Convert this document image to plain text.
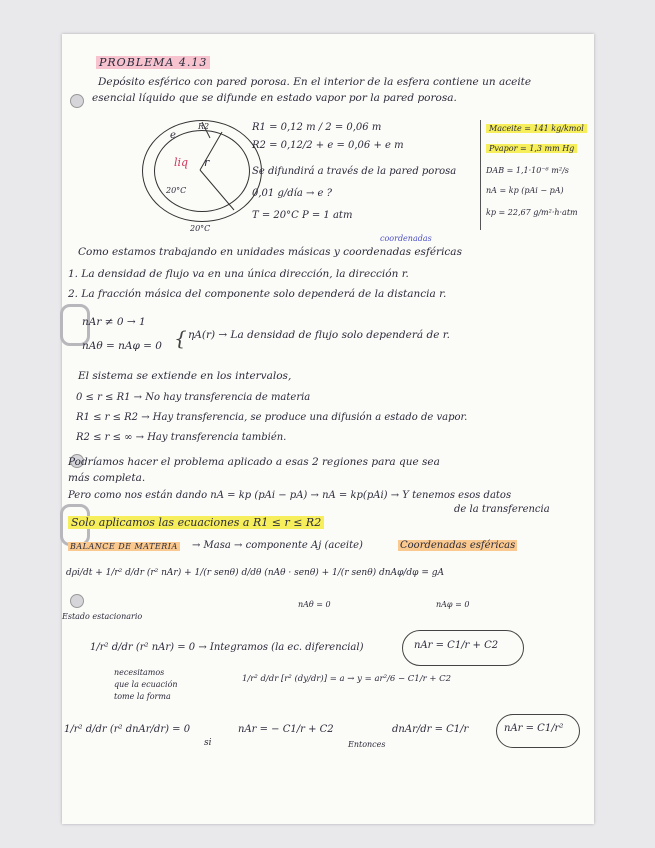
PROBLEMA 4.13
Depósito esférico con pared porosa. En el interior de la esfera contiene un aceite
esencial líquido que se difunde en estado vapor por la pared porosa.
e
R2
liq r
20°C
20°C
R1 = 0,12 m / 2 = 0,06 m
R2 = 0,12/2 + e = 0,06 + e m
Se difundirá a través de la pared porosa
0,01 g/día → e ?
T = 20°C P = 1 atm
Maceite = 141 kg/kmol
Pvapor = 1,3 mm Hg
DAB = 1,1·10⁻⁶ m²/s
nA = kp (pAi − pA)
kp = 22,67 g/m²·h·atm
coordenadas
Como estamos trabajando en unidades másicas y coordenadas esféricas
1. La densidad de flujo va en una única dirección, la dirección r.
2. La fracción másica del componente solo dependerá de la distancia r.
nAr ≠ 0 → 1
nAθ = nAφ = 0 { ηA(r) → La densidad de flujo solo dependerá de r.
El sistema se extiende en los intervalos,
0 ≤ r ≤ R1 → No hay transferencia de materia
R1 ≤ r ≤ R2 → Hay transferencia, se produce una difusión a estado de vapor.
R2 ≤ r ≤ ∞ → Hay transferencia también.
Podríamos hacer el problema aplicado a esas 2 regiones para que sea
más completa.
Pero como nos están dando nA = kp (pAi − pA) → nA = kp(pAi) → Y tenemos esos datos
de la transferencia
Solo aplicamos las ecuaciones a R1 ≤ r ≤ R2
BALANCE DE MATERIA → Masa → componente Aj (aceite)	Coordenadas esféricas
dρi/dt + 1/r² d/dr (r² nAr) + 1/(r senθ) d/dθ (nAθ · senθ) + 1/(r senθ) dnAφ/dφ = gA
nAθ = 0	nAφ = 0
Estado estacionario
1/r² d/dr (r² nAr) = 0 → Integramos (la ec. diferencial)	nAr = C1/r + C2
necesitamos
que la ecuación
tome la forma
1/r² d/dr [r² (dy/dr)] = a → y = ar²/6 − C1/r + C2
1/r² d/dr (r² dnAr/dr) = 0
si
nAr = − C1/r + C2
Entonces
dnAr/dr = C1/r	nAr = C1/r²
